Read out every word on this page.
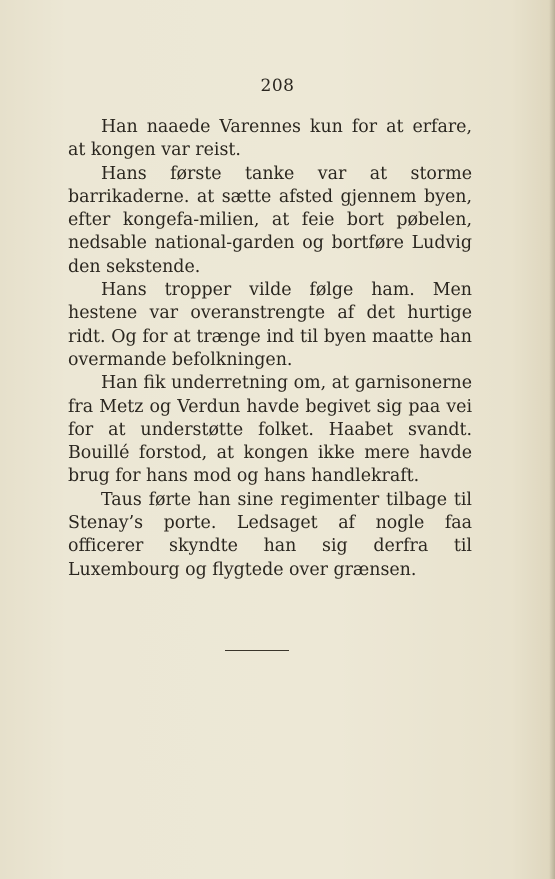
208

Han naaede Varennes kun for at erfare, at kongen var reist.

Hans første tanke var at storme barrikaderne. at sætte afsted gjennem byen, efter kongefa-milien, at feie bort pøbelen, nedsable national-garden og bortføre Ludvig den sekstende.

Hans tropper vilde følge ham. Men hestene var overanstrengte af det hurtige ridt. Og for at trænge ind til byen maatte han overmande befolkningen.

Han fik underretning om, at garnisonerne fra Metz og Verdun havde begivet sig paa vei for at understøtte folket. Haabet svandt. Bouillé forstod, at kongen ikke mere havde brug for hans mod og hans handlekraft.

Taus førte han sine regimenter tilbage til Stenay’s porte. Ledsaget af nogle faa officerer skyndte han sig derfra til Luxembourg og flygtede over grænsen.
